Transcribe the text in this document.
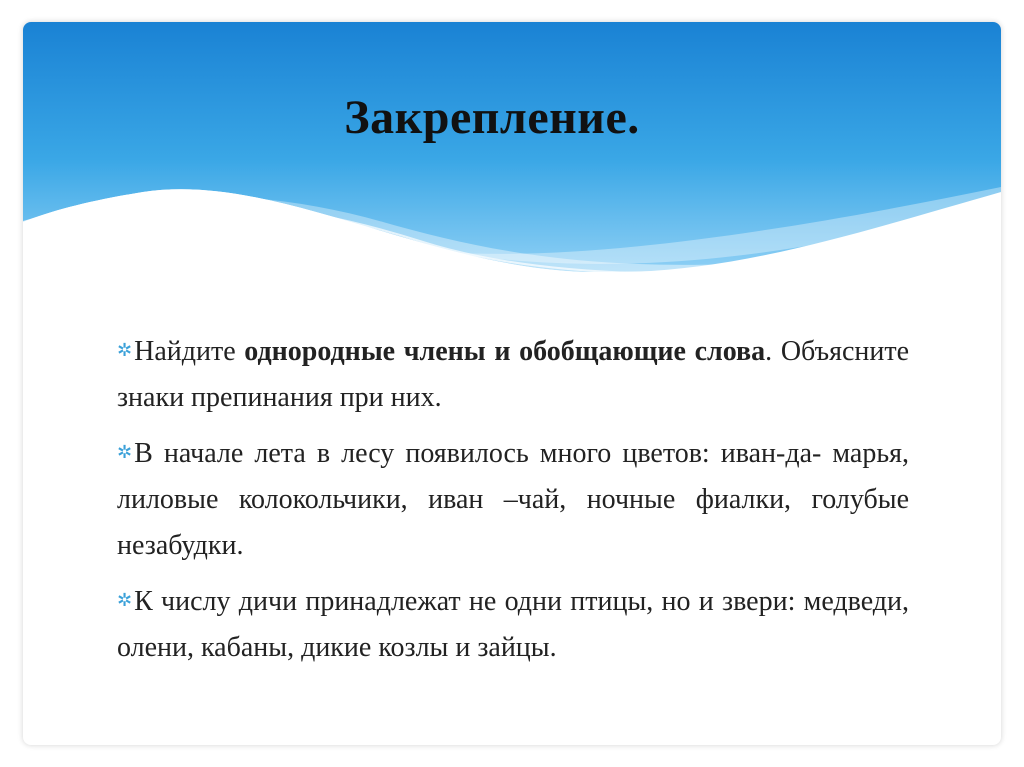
Закрепление.

✲Найдите однородные члены и обобщающие слова. Объясните знаки препинания при них.

✲В начале лета в лесу появилось много цветов: иван-да- марья, лиловые колокольчики, иван –чай, ночные фиалки, голубые незабудки.

✲К числу дичи принадлежат не одни птицы, но и звери: медведи, олени, кабаны, дикие козлы и зайцы.
